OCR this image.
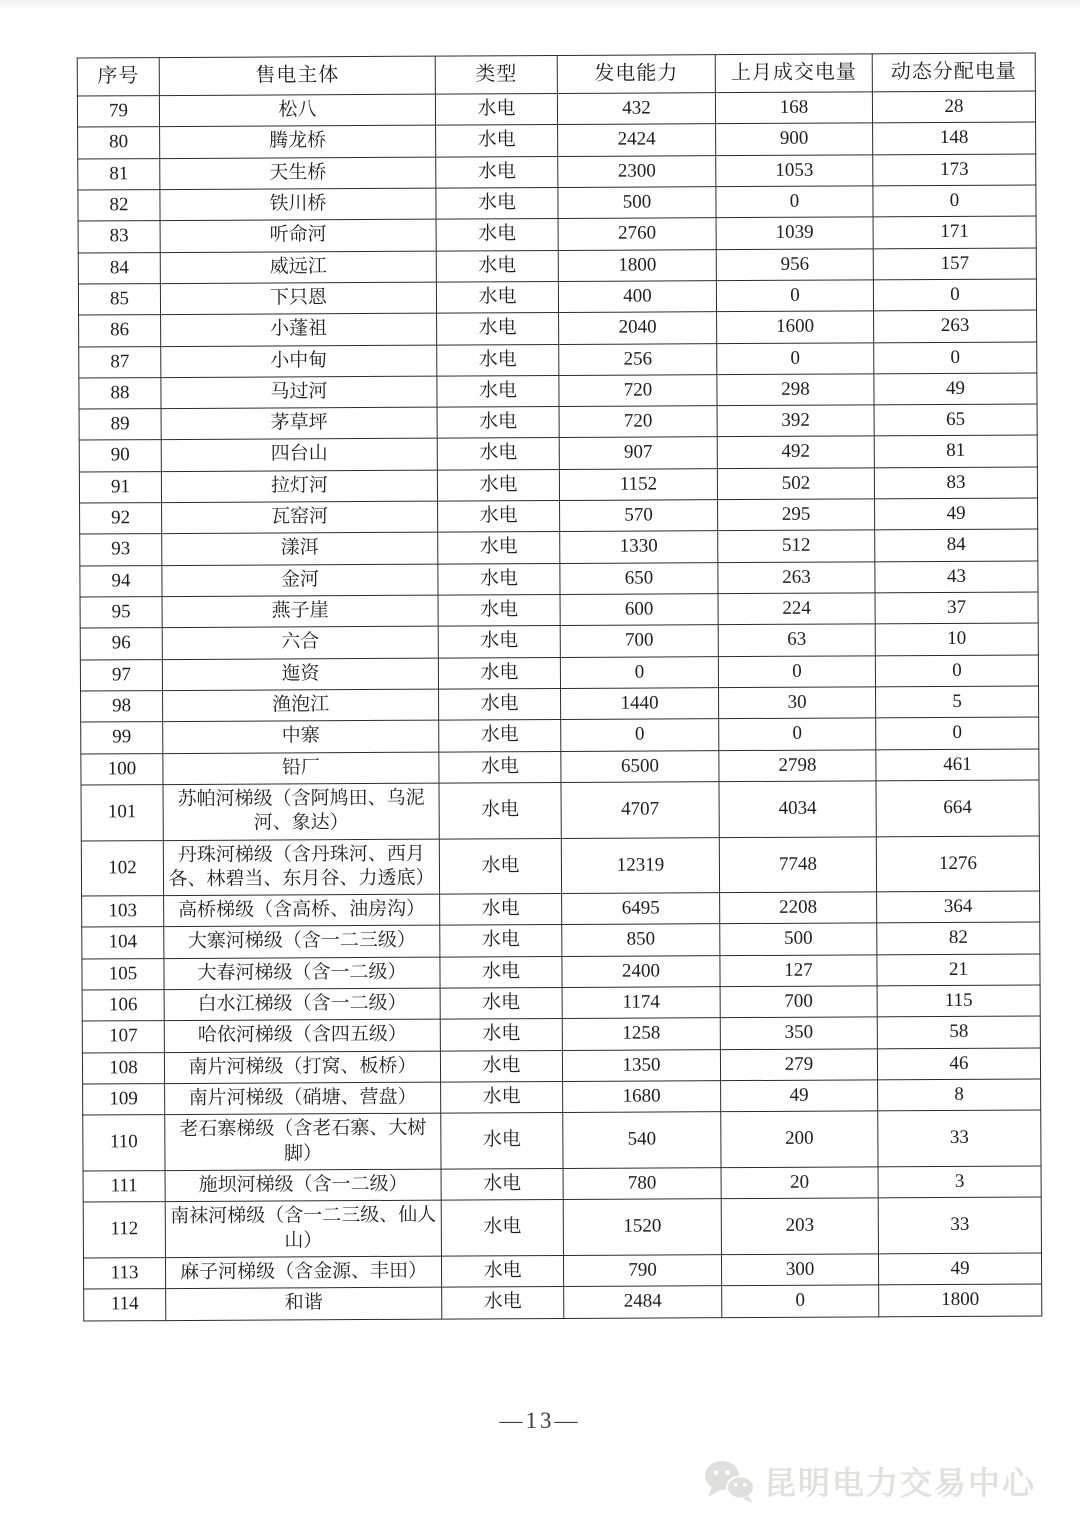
序号	售电主体	类型	发电能力	上月成交电量	动态分配电量
79	松八	水电	432	168	28
80	腾龙桥	水电	2424	900	148
81	天生桥	水电	2300	1053	173
82	铁川桥	水电	500	0	0
83	听命河	水电	2760	1039	171
84	威远江	水电	1800	956	157
85	下只恩	水电	400	0	0
86	小蓬祖	水电	2040	1600	263
87	小中甸	水电	256	0	0
88	马过河	水电	720	298	49
89	茅草坪	水电	720	392	65
90	四台山	水电	907	492	81
91	拉灯河	水电	1152	502	83
92	瓦窑河	水电	570	295	49
93	漾洱	水电	1330	512	84
94	金河	水电	650	263	43
95	燕子崖	水电	600	224	37
96	六合	水电	700	63	10
97	迤资	水电	0	0	0
98	渔泡江	水电	1440	30	5
99	中寨	水电	0	0	0
100	铅厂	水电	6500	2798	461
101	苏帕河梯级（含阿鸠田、乌泥河、象达）	水电	4707	4034	664
102	丹珠河梯级（含丹珠河、西月各、林碧当、东月谷、力透底）	水电	12319	7748	1276
103	高桥梯级（含高桥、油房沟）	水电	6495	2208	364
104	大寨河梯级（含一二三级）	水电	850	500	82
105	大春河梯级（含一二级）	水电	2400	127	21
106	白水江梯级（含一二级）	水电	1174	700	115
107	哈依河梯级（含四五级）	水电	1258	350	58
108	南片河梯级（打窝、板桥）	水电	1350	279	46
109	南片河梯级（硝塘、营盘）	水电	1680	49	8
110	老石寨梯级（含老石寨、大树脚）	水电	540	200	33
111	施坝河梯级（含一二级）	水电	780	20	3
112	南袜河梯级（含一二三级、仙人山）	水电	1520	203	33
113	麻子河梯级（含金源、丰田）	水电	790	300	49
114	和谐	水电	2484	0	1800
—13—
昆明电力交易中心
